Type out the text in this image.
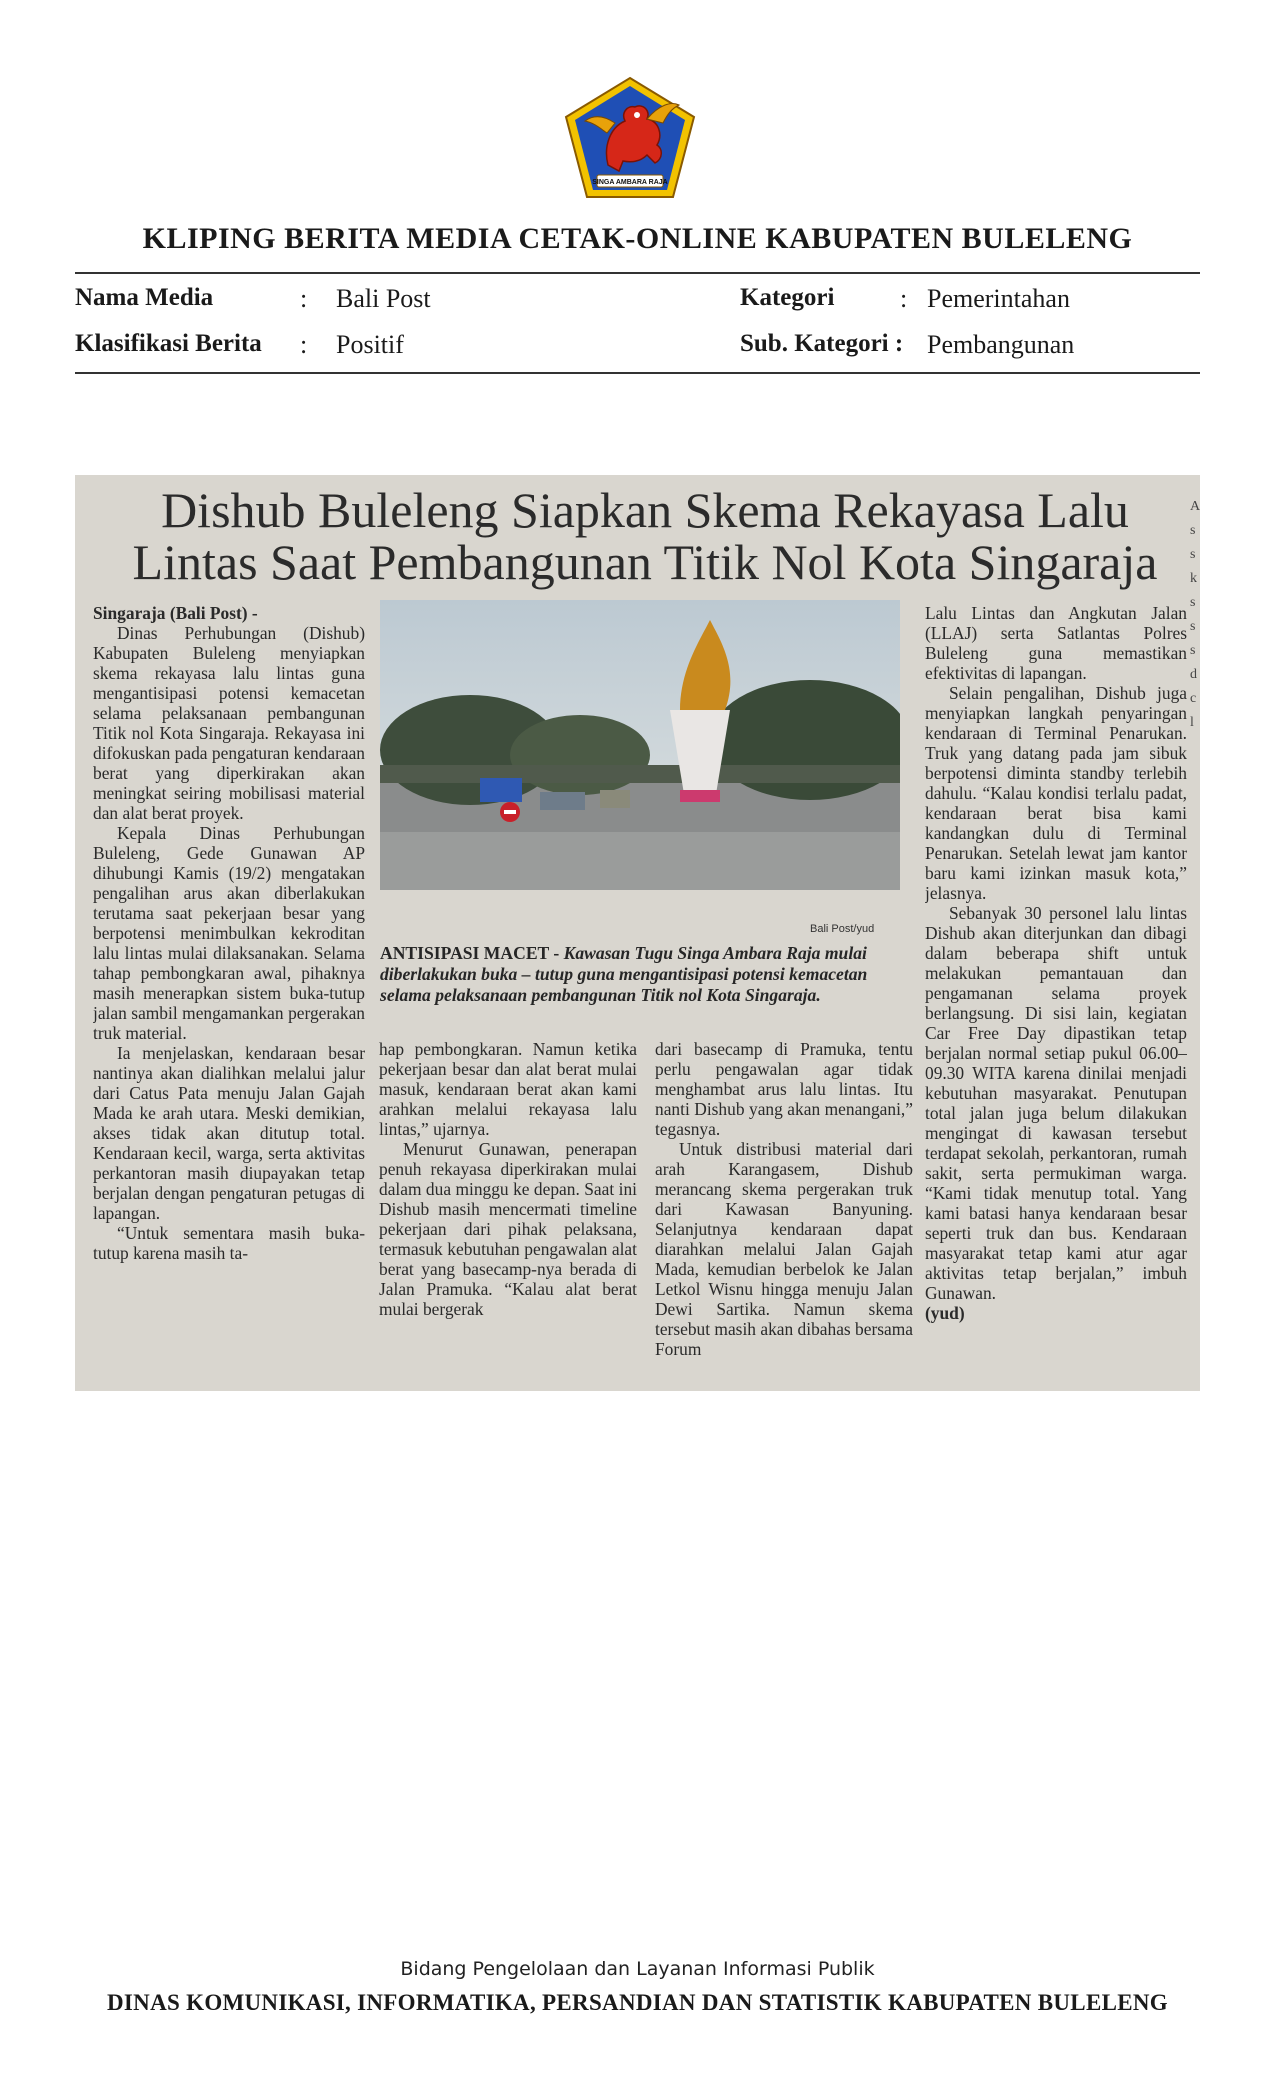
SINGA AMBARA RAJA
KLIPING BERITA MEDIA CETAK-ONLINE KABUPATEN BULELENG
Nama Media	: Bali Post	Kategori	: Pemerintahan
Klasifikasi Berita : Positif	Sub. Kategori : Pembangunan
Dishub Buleleng Siapkan Skema Rekayasa Lalu
Lintas Saat Pembangunan Titik Nol Kota Singaraja
A
s
s
k
s
s
s
d
c
l
Singaraja (Bali Post) -
Dinas Perhubungan (Dishub) Kabupaten Buleleng menyiapkan skema rekayasa lalu lintas guna mengantisipasi potensi kemacetan selama pelaksanaan pembangunan Titik nol Kota Singaraja. Rekayasa ini difokuskan pada pengaturan kendaraan berat yang diperkirakan akan meningkat seiring mobilisasi material dan alat berat proyek.
Kepala Dinas Perhubungan Buleleng, Gede Gunawan AP dihubungi Kamis (19/2) mengatakan pengalihan arus akan diberlakukan terutama saat pekerjaan besar yang berpotensi menimbulkan kekroditan lalu lintas mulai dilaksanakan. Selama tahap pembongkaran awal, pihaknya masih menerapkan sistem buka-tutup jalan sambil mengamankan pergerakan truk material.
Ia menjelaskan, kendaraan besar nantinya akan dialihkan melalui jalur dari Catus Pata menuju Jalan Gajah Mada ke arah utara. Meski demikian, akses tidak akan ditutup total. Kendaraan kecil, warga, serta aktivitas perkantoran masih diupayakan tetap berjalan dengan pengaturan petugas di lapangan.
“Untuk sementara masih buka-tutup karena masih ta-
Bali Post/yud
ANTISIPASI MACET - Kawasan Tugu Singa Ambara Raja mulai diberlakukan buka – tutup guna mengantisipasi potensi kemacetan selama pelaksanaan pembangunan Titik nol Kota Singaraja.
hap pembongkaran. Namun ketika pekerjaan besar dan alat berat mulai masuk, kendaraan berat akan kami arahkan melalui rekayasa lalu lintas,” ujarnya.
Menurut Gunawan, penerapan penuh rekayasa diperkirakan mulai dalam dua minggu ke depan. Saat ini Dishub masih mencermati timeline pekerjaan dari pihak pelaksana, termasuk kebutuhan pengawalan alat berat yang basecamp-nya berada di Jalan Pramuka. “Kalau alat berat mulai bergerak
dari basecamp di Pramuka, tentu perlu pengawalan agar tidak menghambat arus lalu lintas. Itu nanti Dishub yang akan menangani,” tegasnya.
Untuk distribusi material dari arah Karangasem, Dishub merancang skema pergerakan truk dari Kawasan Banyuning. Selanjutnya kendaraan dapat diarahkan melalui Jalan Gajah Mada, kemudian berbelok ke Jalan Letkol Wisnu hingga menuju Jalan Dewi Sartika. Namun skema tersebut masih akan dibahas bersama Forum
Lalu Lintas dan Angkutan Jalan (LLAJ) serta Satlantas Polres Buleleng guna memastikan efektivitas di lapangan.
Selain pengalihan, Dishub juga menyiapkan langkah penyaringan kendaraan di Terminal Penarukan. Truk yang datang pada jam sibuk berpotensi diminta standby terlebih dahulu. “Kalau kondisi terlalu padat, kendaraan berat bisa kami kandangkan dulu di Terminal Penarukan. Setelah lewat jam kantor baru kami izinkan masuk kota,” jelasnya.
Sebanyak 30 personel lalu lintas Dishub akan diterjunkan dan dibagi dalam beberapa shift untuk melakukan pemantauan dan pengamanan selama proyek berlangsung. Di sisi lain, kegiatan Car Free Day dipastikan tetap berjalan normal setiap pukul 06.00–09.30 WITA karena dinilai menjadi kebutuhan masyarakat. Penutupan total jalan juga belum dilakukan mengingat di kawasan tersebut terdapat sekolah, perkantoran, rumah sakit, serta permukiman warga. “Kami tidak menutup total. Yang kami batasi hanya kendaraan besar seperti truk dan bus. Kendaraan masyarakat tetap kami atur agar aktivitas tetap berjalan,” imbuh Gunawan.
(yud)
Bidang Pengelolaan dan Layanan Informasi Publik
DINAS KOMUNIKASI, INFORMATIKA, PERSANDIAN DAN STATISTIK KABUPATEN BULELENG
